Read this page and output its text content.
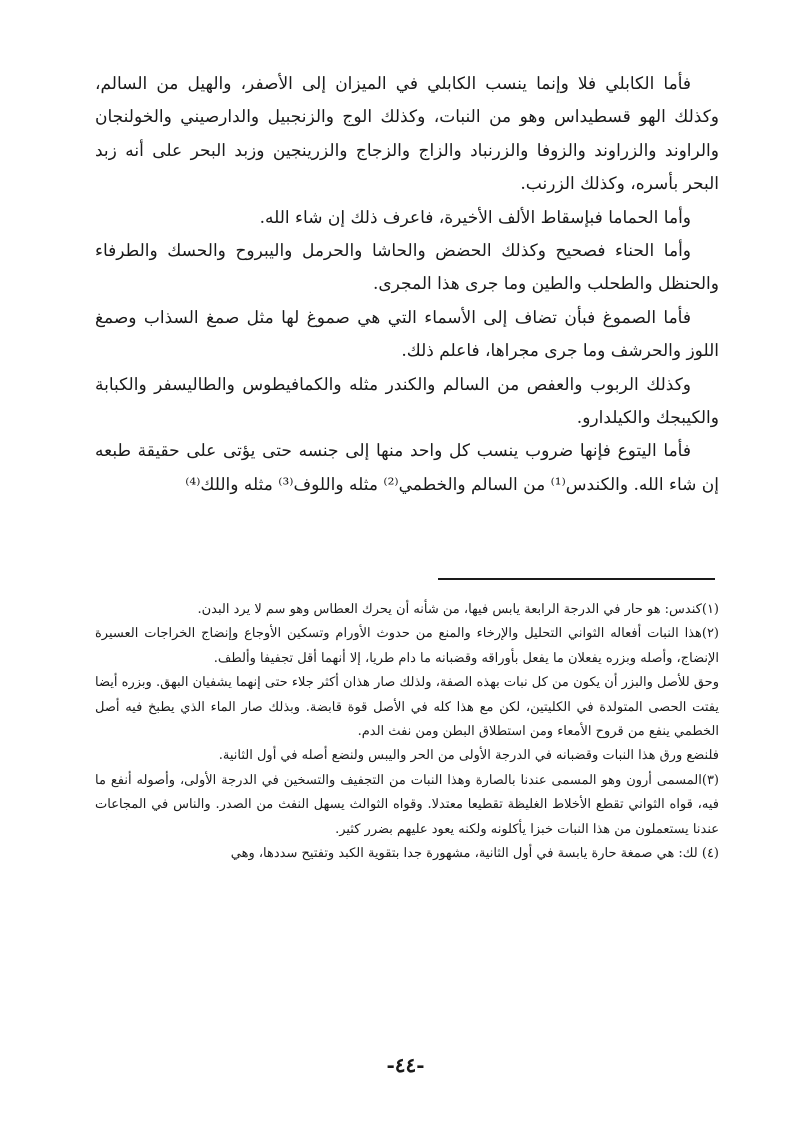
فأما الكابلي فلا وإنما ينسب الكابلي في الميزان إلى الأصفر، والهيل من السالم، وكذلك الهو قسطيداس وهو من النبات، وكذلك الوج والزنجبيل والدارصيني والخولنجان والراوند والزراوند والزوفا والزرنباد والزاج والزجاج والزرينجين وزبد البحر على أنه زبد البحر بأسره، وكذلك الزرنب.

وأما الحماما فبإسقاط الألف الأخيرة، فاعرف ذلك إن شاء الله.

وأما الحناء فصحيح وكذلك الحضض والحاشا والحرمل واليبروح والحسك والطرفاء والحنظل والطحلب والطين وما جرى هذا المجرى.

فأما الصموغ فبأن تضاف إلى الأسماء التي هي صموغ لها مثل صمغ السذاب وصمغ اللوز والحرشف وما جرى مجراها، فاعلم ذلك.

وكذلك الربوب والعفص من السالم والكندر مثله والكمافيطوس والطاليسفر والكبابة والكيبجك والكيلدارو.

فأما اليتوع فإنها ضروب ينسب كل واحد منها إلى جنسه حتى يؤتى على حقيقة طبعه إن شاء الله. والكندس⁽¹⁾ من السالم والخطمي⁽²⁾ مثله واللوف⁽³⁾ مثله واللك⁽⁴⁾

(١)كندس: هو حار في الدرجة الرابعة يابس فيها، من شأنه أن يحرك العطاس وهو سم لا يرد البدن.

(٢)هذا النبات أفعاله الثواني التحليل والإرخاء والمنع من حدوث الأورام وتسكين الأوجاع وإنضاج الخراجات العسيرة الإنضاج، وأصله وبزره يفعلان ما يفعل بأوراقه وقضبانه ما دام طريا، إلا أنهما أقل تجفيفا وألطف.

وحق للأصل والبزر أن يكون من كل نبات بهذه الصفة، ولذلك صار هذان أكثر جلاء حتى إنهما يشفيان البهق. وبزره أيضا يفتت الحصى المتولدة في الكليتين، لكن مع هذا كله في الأصل قوة قابضة. وبذلك صار الماء الذي يطبخ فيه أصل الخطمي ينفع من قروح الأمعاء ومن استطلاق البطن ومن نفث الدم.

فلنضع ورق هذا النبات وقضبانه في الدرجة الأولى من الحر واليبس ولنضع أصله في أول الثانية.

(٣)المسمى أرون وهو المسمى عندنا بالصارة وهذا النبات من التجفيف والتسخين في الدرجة الأولى، وأصوله أنفع ما فيه، قواه الثواني تقطع الأخلاط الغليظة تقطيعا معتدلا. وقواه الثوالث يسهل النفث من الصدر. والناس في المجاعات عندنا يستعملون من هذا النبات خبزا يأكلونه ولكنه يعود عليهم بضرر كثير.

(٤) لك: هي صمغة حارة يابسة في أول الثانية، مشهورة جدا بتقوية الكبد وتفتيح سددها، وهي

-٤٤-
